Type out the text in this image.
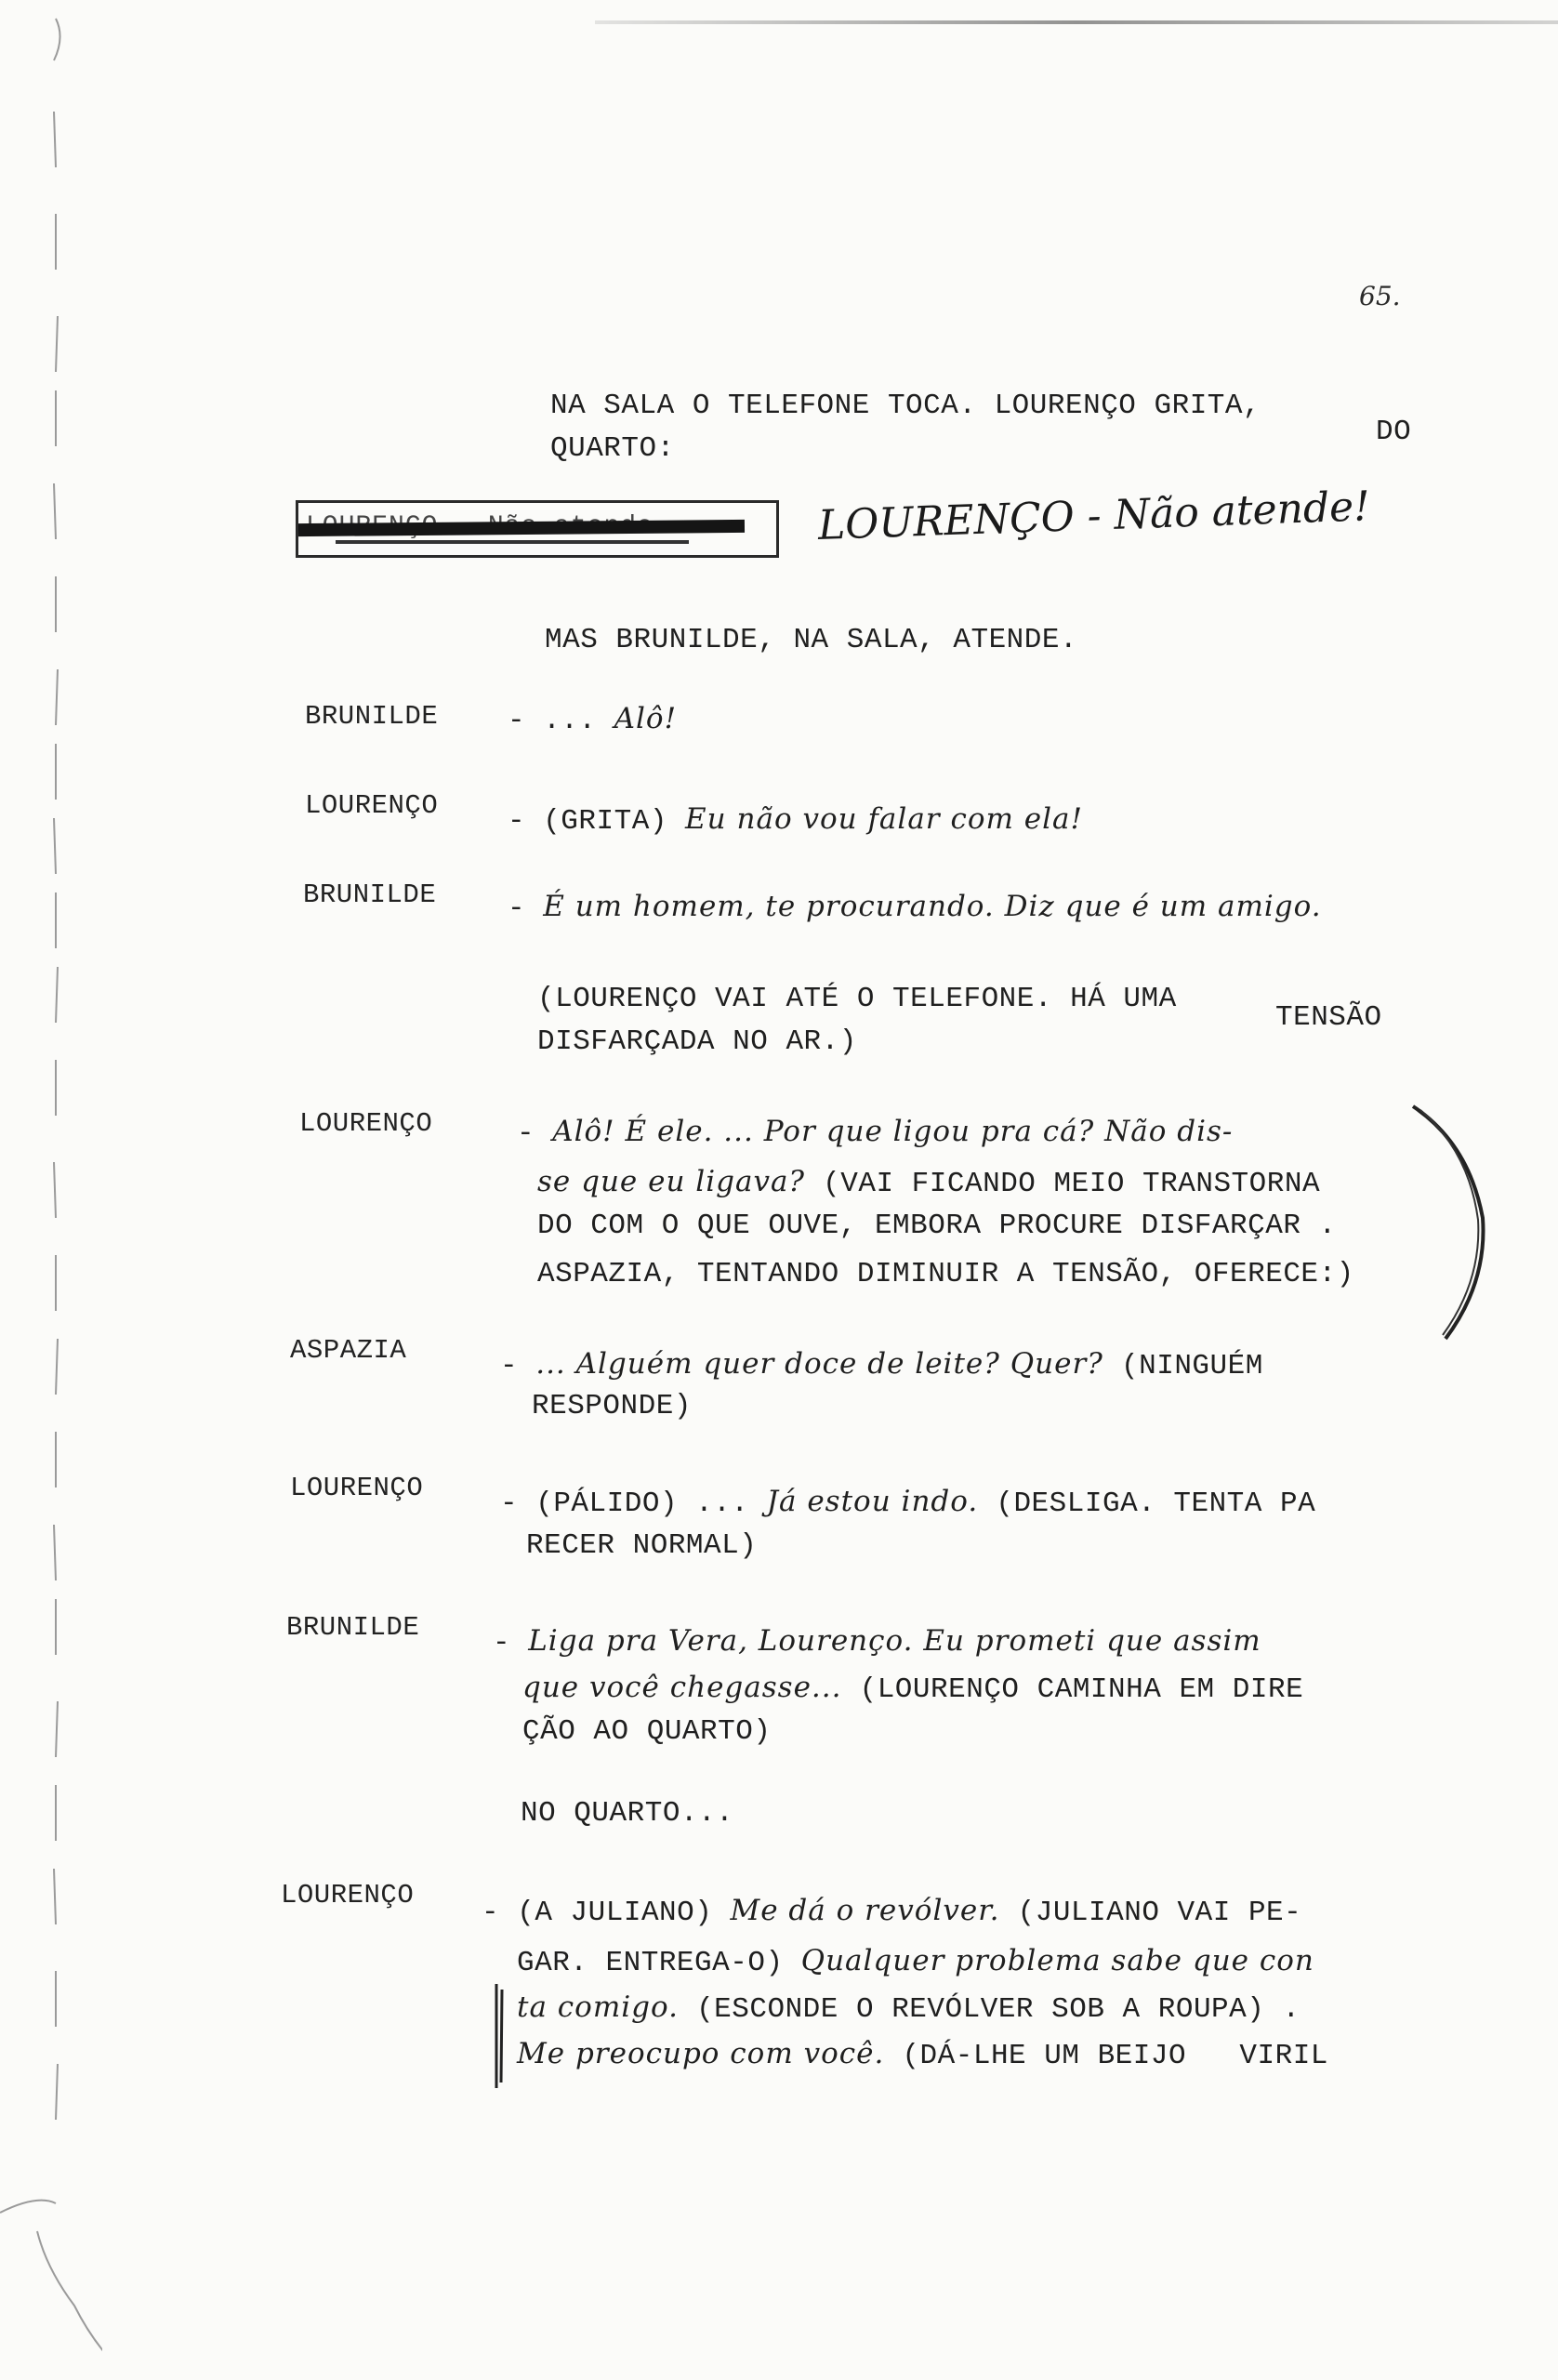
65.
NA SALA O TELEFONE TOCA. LOURENÇO GRITA,
DO
QUARTO:
LOURENÇO - Não atende!
MAS BRUNILDE, NA SALA, ATENDE.
BRUNILDE - ... Alô!
LOURENÇO - (GRITA) Eu não vou falar com ela!
BRUNILDE - É um homem, te procurando. Diz que é um amigo.
(LOURENÇO VAI ATÉ O TELEFONE. HÁ UMA
TENSÃO
DISFARÇADA NO AR.)
LOURENÇO	- Alô! É ele. ... Por que ligou pra cá? Não dis-
se que eu ligava? (VAI FICANDO MEIO TRANSTORNA
DO COM O QUE OUVE, EMBORA PROCURE DISFARÇAR .
ASPAZIA, TENTANDO DIMINUIR A TENSÃO, OFERECE:)
ASPAZIA	- ... Alguém quer doce de leite? Quer? (NINGUÉM
RESPONDE)
LOURENÇO	- (PÁLIDO) ... Já estou indo. (DESLIGA. TENTA PA
RECER NORMAL)
BRUNILDE	- Liga pra Vera, Lourenço. Eu prometi que assim
que você chegasse... (LOURENÇO CAMINHA EM DIRE
ÇÃO AO QUARTO)
NO QUARTO...
LOURENÇO
- (A JULIANO) Me dá o revólver. (JULIANO VAI PE-
GAR. ENTREGA-O) Qualquer problema sabe que con
ta comigo. (ESCONDE O REVÓLVER SOB A ROUPA) .
Me preocupo com você. (DÁ-LHE UM BEIJO   VIRIL
